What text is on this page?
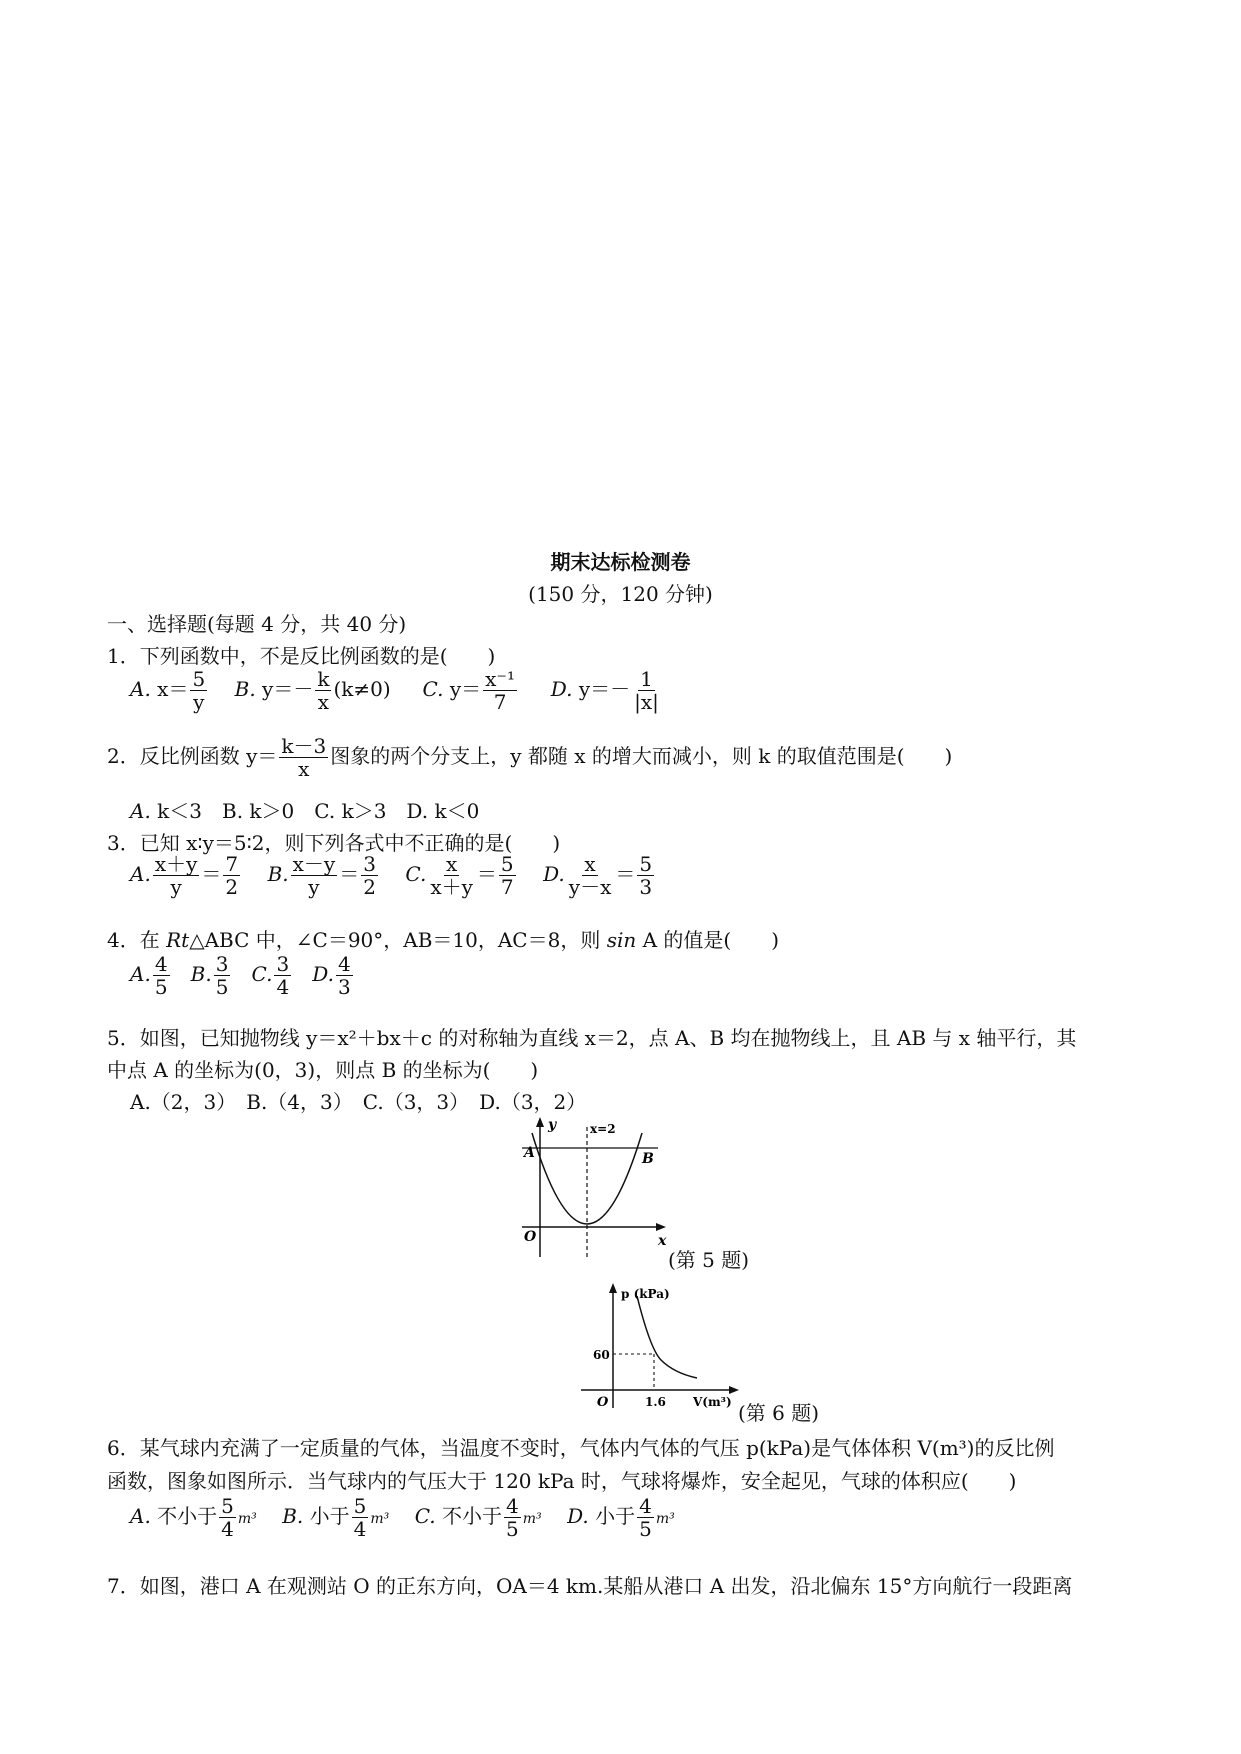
期末达标检测卷
(150 分，120 分钟)
一、选择题(每题 4 分，共 40 分)
1．下列函数中，不是反比例函数的是(　　)
A. $x= \frac{5}{y} B$. $y=- \frac{k}{x} (k\ne 0)$ C. $y= \frac{\text{x⁻¹}}{7} D$. $y=- \frac{1}{|x|}$
2．反比例函数 $y= \frac{k-3}{x}$ 图象的两个分支上，y 都随 x 的增大而减小，则 k 的取值范围是(　　)
A. k＜3　B. k＞0　C. k＞3　D. k＜0
3．已知 x∶y＝5∶2，则下列各式中不正确的是(　　)
A. $\frac{x+y}{y} = \frac{7}{2} B$. $\frac{x-y}{y} = \frac{3}{2} C$. $\frac{x}{x+y} = \frac{5}{7} D$. $\frac{x}{y-x} = \frac{5}{3}$
4．在 Rt△ABC 中，∠C＝90°，AB＝10，AC＝8，则 sin A 的值是(　　)
A. $\frac{4}{5} B$. $\frac{3}{5} C$. $\frac{3}{4} D$. $\frac{4}{3}$
5．如图，已知抛物线 y＝x²＋bx＋c 的对称轴为直线 x＝2，点 A、B 均在抛物线上，且 AB 与 x 轴平行，其
中点 A 的坐标为(0，3)，则点 B 的坐标为(　　)
A.（2，3）　B.（4，3）　C.（3，3）　D.（3，2）
y	x=2
A	B
O	x
(第 5 题)
p (kPa)
60
O	1.6 V(m³) (第 6 题)
6．某气球内充满了一定质量的气体，当温度不变时，气体内气体的气压 p(kPa)是气体体积 V(m³)的反比例
函数，图象如图所示．当气球内的气压大于 120 kPa 时，气球将爆炸，安全起见，气球的体积应(　　)
A. 不小于 $\frac{5}{4} m^3$ B. 小于 $\frac{5}{4} m^3$ C. 不小于 $\frac{4}{5} m^3$ D. 小于 $\frac{4}{5} m^3$
7．如图，港口 A 在观测站 O 的正东方向，OA＝4 km.某船从港口 A 出发，沿北偏东 15°方向航行一段距离
